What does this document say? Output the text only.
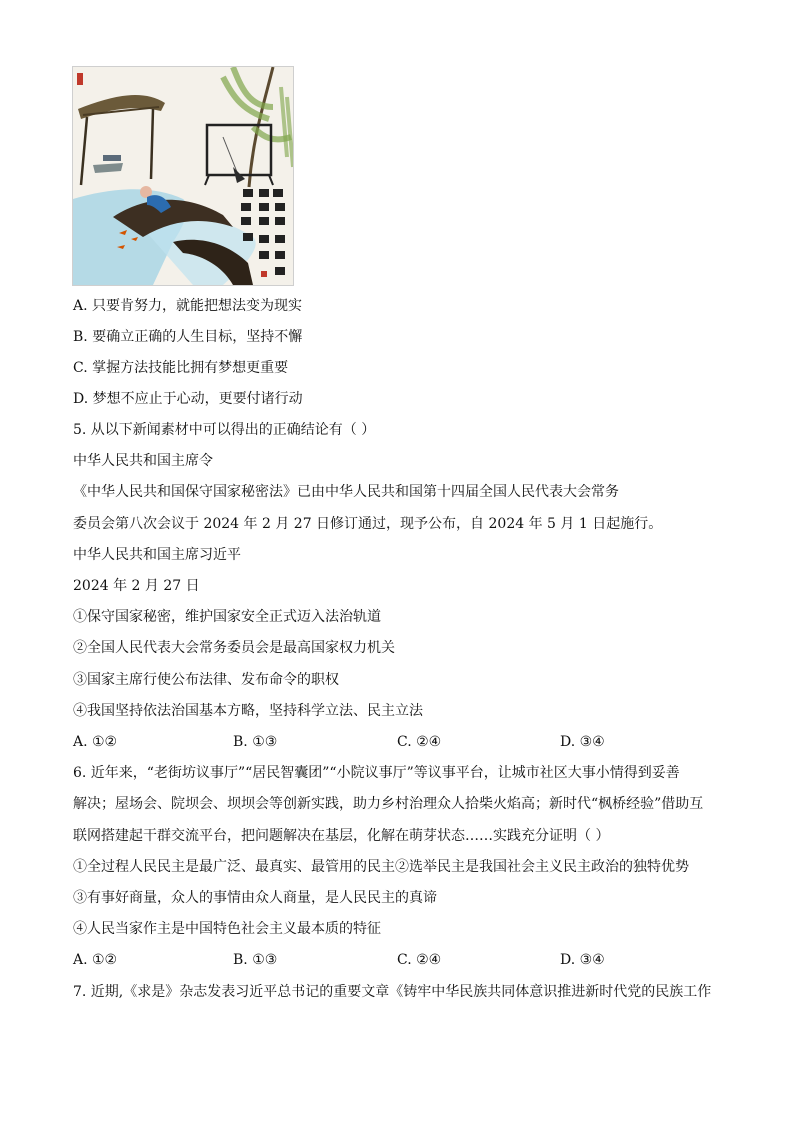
A. 只要肯努力，就能把想法变为现实
B. 要确立正确的人生目标，坚持不懈
C. 掌握方法技能比拥有梦想更重要
D. 梦想不应止于心动，更要付诸行动
5. 从以下新闻素材中可以得出的正确结论有（ ）
中华人民共和国主席令
《中华人民共和国保守国家秘密法》已由中华人民共和国第十四届全国人民代表大会常务
委员会第八次会议于 2024 年 2 月 27 日修订通过，现予公布，自 2024 年 5 月 1 日起施行。
中华人民共和国主席习近平
2024 年 2 月 27 日
①保守国家秘密，维护国家安全正式迈入法治轨道
②全国人民代表大会常务委员会是最高国家权力机关
③国家主席行使公布法律、发布命令的职权
④我国坚持依法治国基本方略，坚持科学立法、民主立法
A. ①②	B. ①③	C. ②④	D. ③④
6. 近年来，“老街坊议事厅”“居民智囊团”“小院议事厅”等议事平台，让城市社区大事小情得到妥善
解决；屋场会、院坝会、坝坝会等创新实践，助力乡村治理众人拾柴火焰高；新时代“枫桥经验”借助互
联网搭建起干群交流平台，把问题解决在基层，化解在萌芽状态……实践充分证明（ ）
①全过程人民民主是最广泛、最真实、最管用的民主②选举民主是我国社会主义民主政治的独特优势
③有事好商量，众人的事情由众人商量，是人民民主的真谛
④人民当家作主是中国特色社会主义最本质的特征
A. ①②	B. ①③	C. ②④	D. ③④
7. 近期,《求是》杂志发表习近平总书记的重要文章《铸牢中华民族共同体意识推进新时代党的民族工作
